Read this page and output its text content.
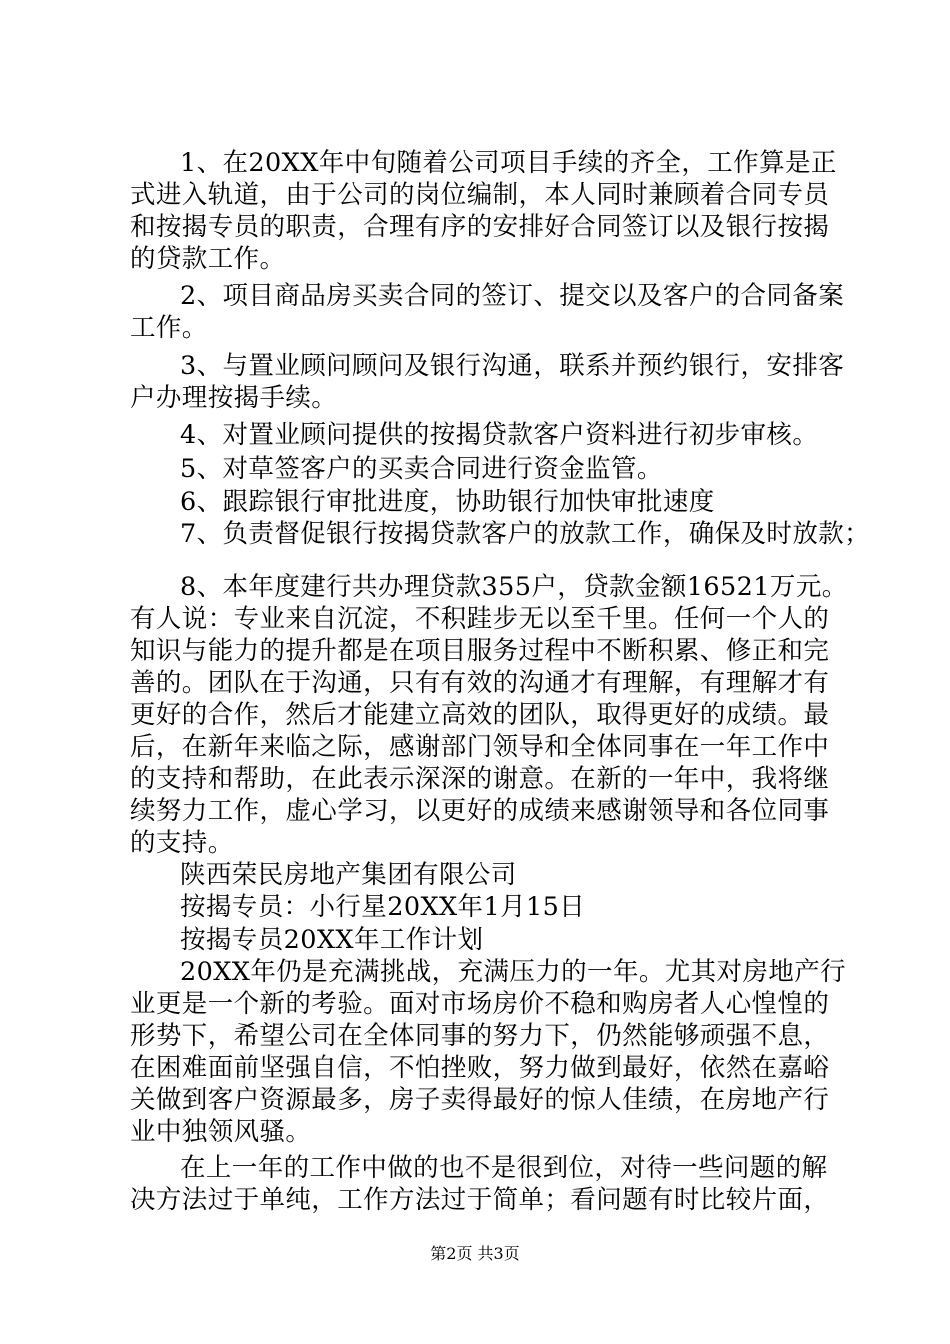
1、在20XX年中旬随着公司项目手续的齐全，工作算是正
式进入轨道，由于公司的岗位编制，本人同时兼顾着合同专员
和按揭专员的职责，合理有序的安排好合同签订以及银行按揭
的贷款工作。
2、项目商品房买卖合同的签订、提交以及客户的合同备案
工作。
3、与置业顾问顾问及银行沟通，联系并预约银行，安排客
户办理按揭手续。
4、对置业顾问提供的按揭贷款客户资料进行初步审核。
5、对草签客户的买卖合同进行资金监管。
6、跟踪银行审批进度，协助银行加快审批速度
7、负责督促银行按揭贷款客户的放款工作，确保及时放款；
8、本年度建行共办理贷款355户，贷款金额16521万元。
有人说：专业来自沉淀，不积跬步无以至千里。任何一个人的
知识与能力的提升都是在项目服务过程中不断积累、修正和完
善的。团队在于沟通，只有有效的沟通才有理解，有理解才有
更好的合作，然后才能建立高效的团队，取得更好的成绩。最
后，在新年来临之际，感谢部门领导和全体同事在一年工作中
的支持和帮助，在此表示深深的谢意。在新的一年中，我将继
续努力工作，虚心学习，以更好的成绩来感谢领导和各位同事
的支持。
陕西荣民房地产集团有限公司
按揭专员：小行星20XX年1月15日
按揭专员20XX年工作计划
20XX年仍是充满挑战，充满压力的一年。尤其对房地产行
业更是一个新的考验。面对市场房价不稳和购房者人心惶惶的
形势下，希望公司在全体同事的努力下，仍然能够顽强不息，
在困难面前坚强自信，不怕挫败，努力做到最好，依然在嘉峪
关做到客户资源最多，房子卖得最好的惊人佳绩，在房地产行
业中独领风骚。
在上一年的工作中做的也不是很到位，对待一些问题的解
决方法过于单纯，工作方法过于简单；看问题有时比较片面，
第2页 共3页
